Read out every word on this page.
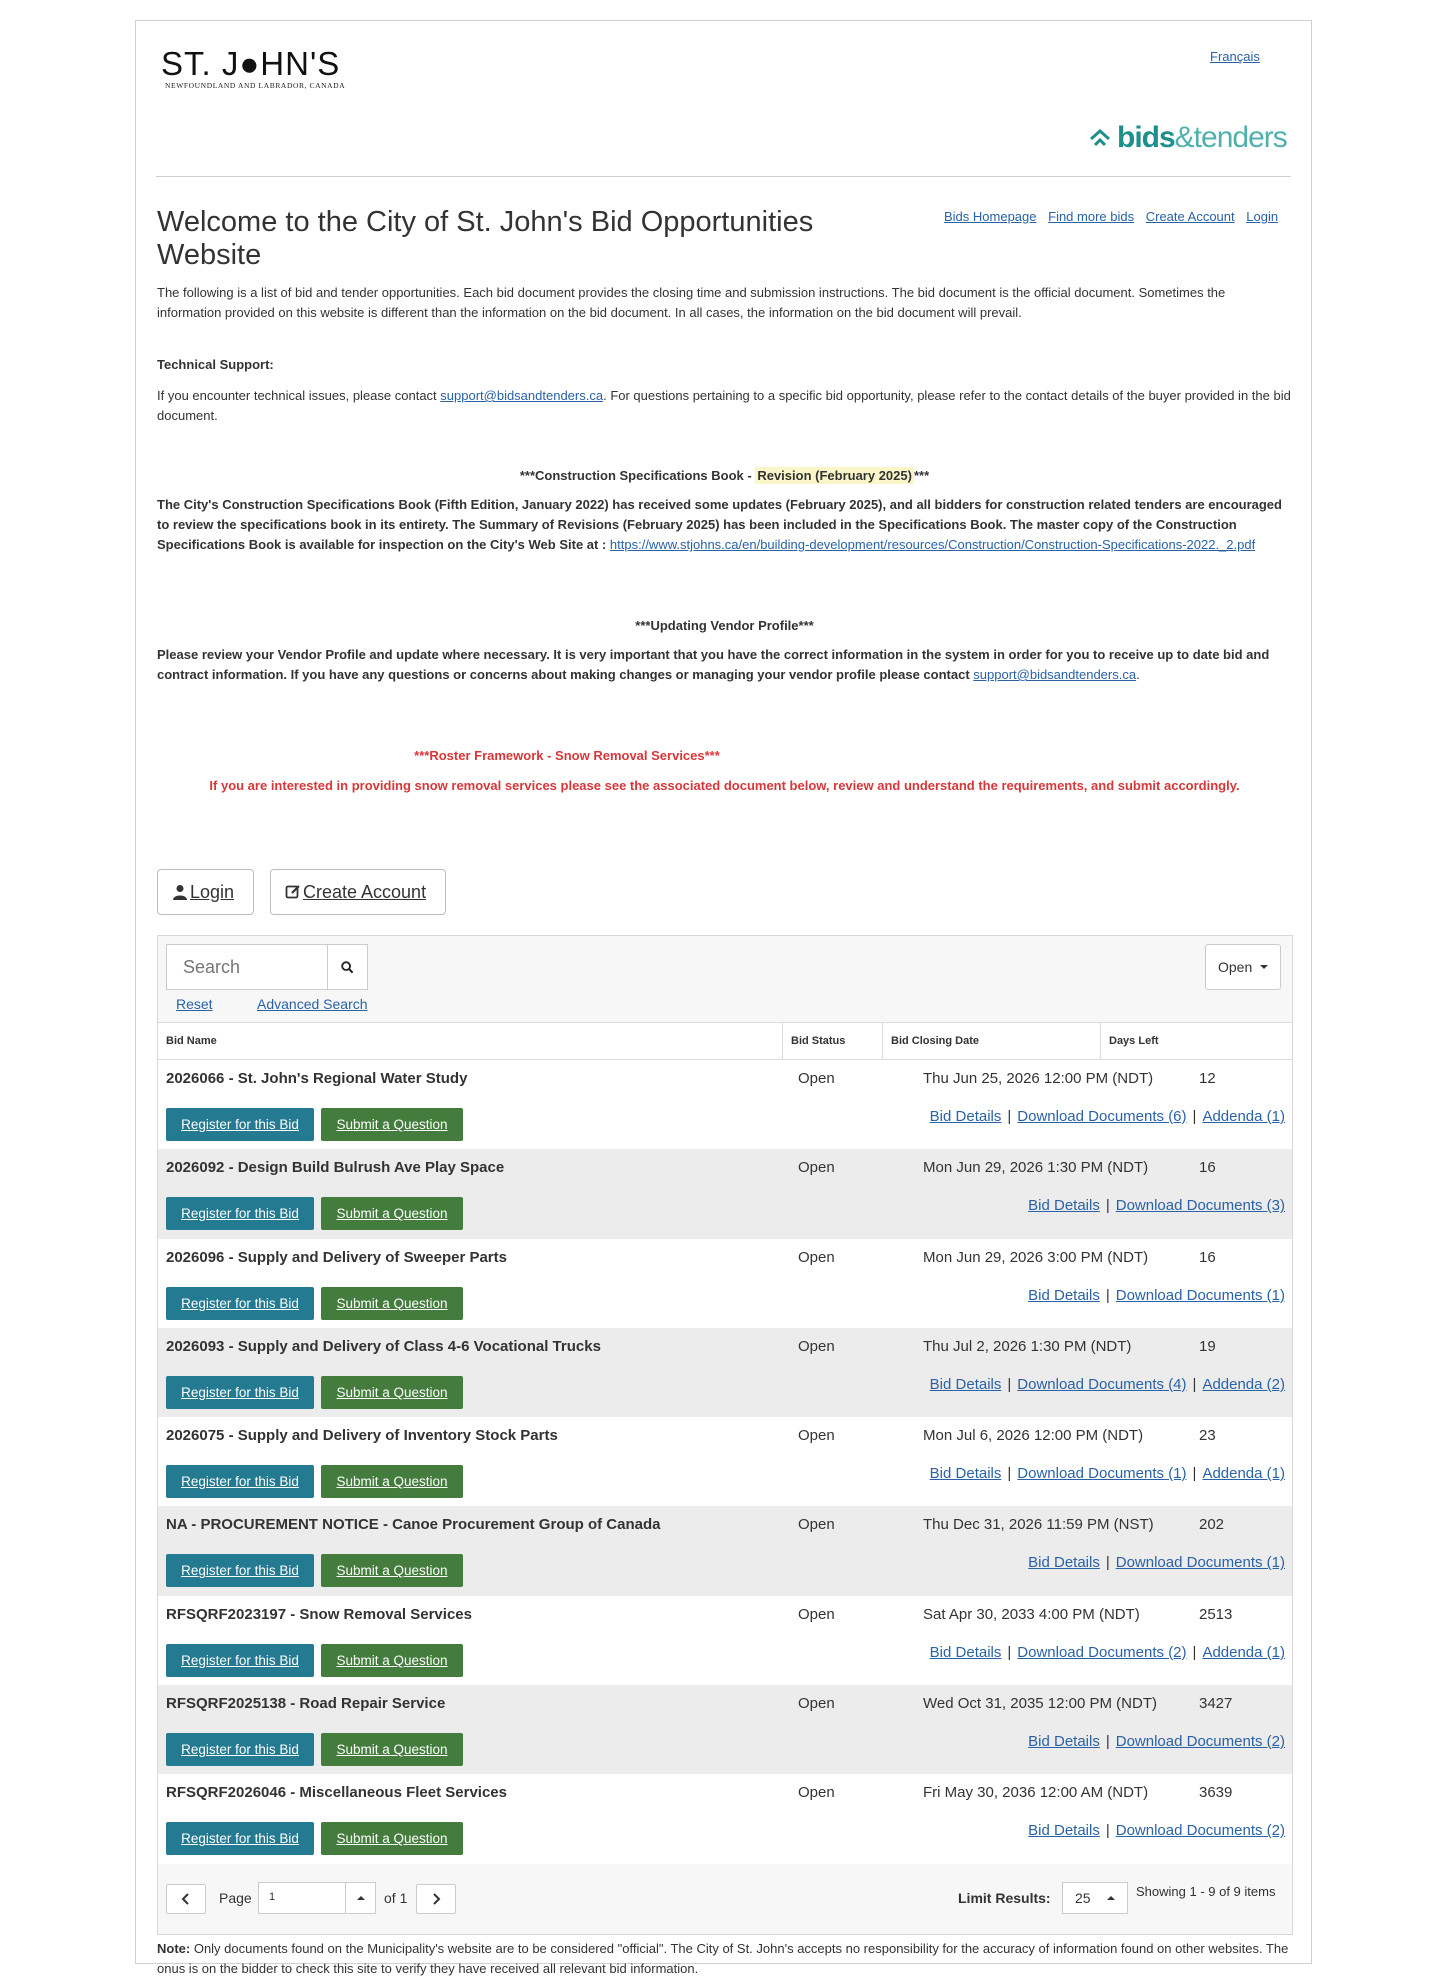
ST. J●HN'S
NEWFOUNDLAND AND LABRADOR, CANADA
Français
bids &tenders
Welcome to the City of St. John's Bid Opportunities Website
Bids Homepage Find more bids Create Account Login
The following is a list of bid and tender opportunities. Each bid document provides the closing time and submission instructions. The bid document is the official document. Sometimes the information provided on this website is different than the information on the bid document. In all cases, the information on the bid document will prevail.
Technical Support:
If you encounter technical issues, please contact support@bidsandtenders.ca. For questions pertaining to a specific bid opportunity, please refer to the contact details of the buyer provided in the bid document.
***Construction Specifications Book - Revision (February 2025) ***
The City's Construction Specifications Book (Fifth Edition, January 2022) has received some updates (February 2025), and all bidders for construction related tenders are encouraged to review the specifications book in its entirety. The Summary of Revisions (February 2025) has been included in the Specifications Book. The master copy of the Construction Specifications Book is available for inspection on the City's Web Site at : https://www.stjohns.ca/en/building-development/resources/Construction/Construction-Specifications-2022._2.pdf
***Updating Vendor Profile***
Please review your Vendor Profile and update where necessary. It is very important that you have the correct information in the system in order for you to receive up to date bid and contract information. If you have any questions or concerns about making changes or managing your vendor profile please contact support@bidsandtenders.ca.
***Roster Framework - Snow Removal Services***
If you are interested in providing snow removal services please see the associated document below, review and understand the requirements, and submit accordingly.
Login	Create Account
Search
Reset	Advanced Search
Open
Bid Name	Bid Status	Bid Closing Date	Days Left
2026066 - St. John's Regional Water Study	Open	Thu Jun 25, 2026 12:00 PM (NDT)	12
Register for this Bid	Submit a Question	Bid Details | Download Documents (6) | Addenda (1)
2026092 - Design Build Bulrush Ave Play Space	Open	Mon Jun 29, 2026 1:30 PM (NDT)	16
Register for this Bid	Submit a Question	Bid Details | Download Documents (3)
2026096 - Supply and Delivery of Sweeper Parts	Open	Mon Jun 29, 2026 3:00 PM (NDT)	16
Register for this Bid	Submit a Question	Bid Details | Download Documents (1)
2026093 - Supply and Delivery of Class 4-6 Vocational Trucks	Open	Thu Jul 2, 2026 1:30 PM (NDT)	19
Register for this Bid	Submit a Question	Bid Details | Download Documents (4) | Addenda (2)
2026075 - Supply and Delivery of Inventory Stock Parts	Open	Mon Jul 6, 2026 12:00 PM (NDT)	23
Register for this Bid	Submit a Question	Bid Details | Download Documents (1) | Addenda (1)
NA - PROCUREMENT NOTICE - Canoe Procurement Group of Canada	Open	Thu Dec 31, 2026 11:59 PM (NST)	202
Register for this Bid	Submit a Question	Bid Details | Download Documents (1)
RFSQRF2023197 - Snow Removal Services	Open	Sat Apr 30, 2033 4:00 PM (NDT)	2513
Register for this Bid	Submit a Question	Bid Details | Download Documents (2) | Addenda (1)
RFSQRF2025138 - Road Repair Service	Open	Wed Oct 31, 2035 12:00 PM (NDT)	3427
Register for this Bid	Submit a Question	Bid Details | Download Documents (2)
RFSQRF2026046 - Miscellaneous Fleet Services	Open	Fri May 30, 2036 12:00 AM (NDT)	3639
Register for this Bid	Submit a Question	Bid Details | Download Documents (2)
Page	1	of 1	Limit Results: 25	Showing 1 - 9 of 9 items
Note: Only documents found on the Municipality's website are to be considered "official". The City of St. John's accepts no responsibility for the accuracy of information found on other websites. The onus is on the bidder to check this site to verify they have received all relevant bid information.
